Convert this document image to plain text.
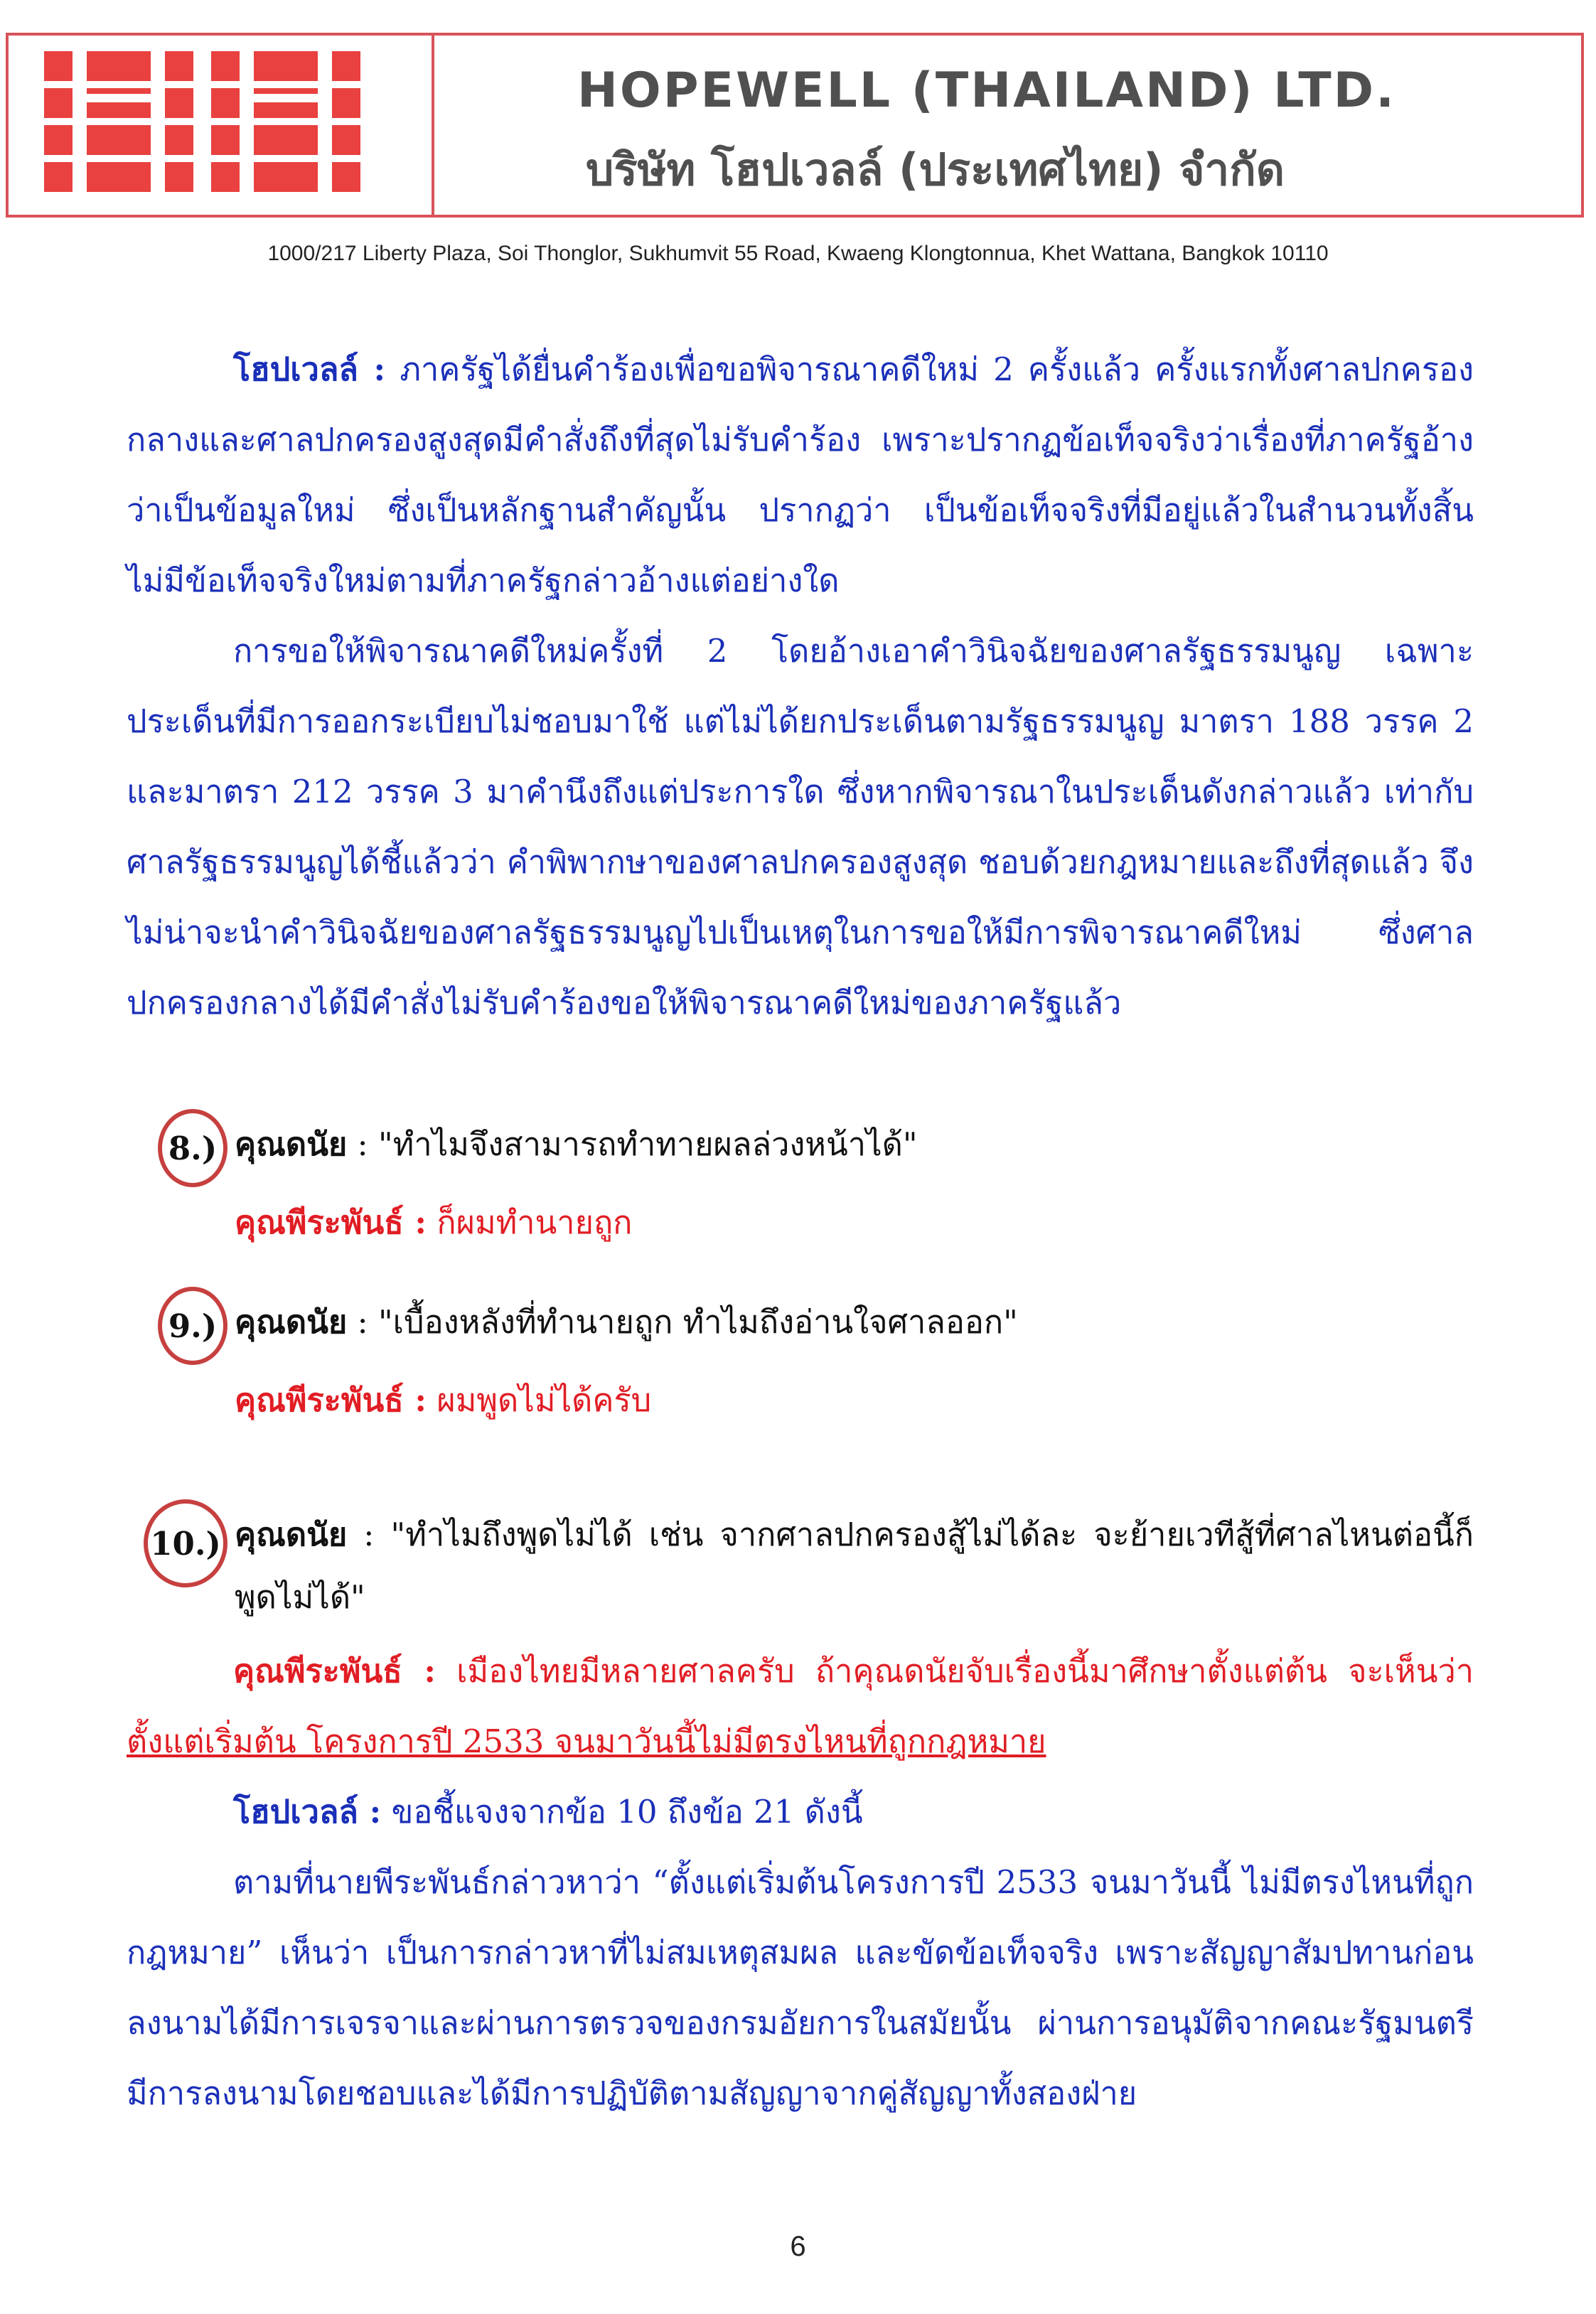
HOPEWELL (THAILAND) LTD.
บริษัท โฮปเวลล์ (ประเทศไทย) จำกัด
1000/217 Liberty Plaza, Soi Thonglor, Sukhumvit 55 Road, Kwaeng Klongtonnua, Khet Wattana, Bangkok 10110

โฮปเวลล์ : ภาครัฐได้ยื่นคำร้องเพื่อขอพิจารณาคดีใหม่ 2 ครั้งแล้ว ครั้งแรกทั้งศาลปกครองกลางและศาลปกครองสูงสุดมีคำสั่งถึงที่สุดไม่รับคำร้อง เพราะปรากฏข้อเท็จจริงว่าเรื่องที่ภาครัฐอ้างว่าเป็นข้อมูลใหม่ ซึ่งเป็นหลักฐานสำคัญนั้น ปรากฏว่า เป็นข้อเท็จจริงที่มีอยู่แล้วในสำนวนทั้งสิ้น ไม่มีข้อเท็จจริงใหม่ตามที่ภาครัฐกล่าวอ้างแต่อย่างใด

การขอให้พิจารณาคดีใหม่ครั้งที่ 2 โดยอ้างเอาคำวินิจฉัยของศาลรัฐธรรมนูญ เฉพาะประเด็นที่มีการออกระเบียบไม่ชอบมาใช้ แต่ไม่ได้ยกประเด็นตามรัฐธรรมนูญ มาตรา 188 วรรค 2 และมาตรา 212 วรรค 3 มาคำนึงถึงแต่ประการใด ซึ่งหากพิจารณาในประเด็นดังกล่าวแล้ว เท่ากับศาลรัฐธรรมนูญได้ชี้แล้วว่า คำพิพากษาของศาลปกครองสูงสุด ชอบด้วยกฎหมายและถึงที่สุดแล้ว จึงไม่น่าจะนำคำวินิจฉัยของศาลรัฐธรรมนูญไปเป็นเหตุในการขอให้มีการพิจารณาคดีใหม่ ซึ่งศาลปกครองกลางได้มีคำสั่งไม่รับคำร้องขอให้พิจารณาคดีใหม่ของภาครัฐแล้ว

8.) คุณดนัย : "ทำไมจึงสามารถทำทายผลล่วงหน้าได้"
คุณพีระพันธ์ : ก็ผมทำนายถูก
9.) คุณดนัย : "เบื้องหลังที่ทำนายถูก ทำไมถึงอ่านใจศาลออก"
คุณพีระพันธ์ : ผมพูดไม่ได้ครับ
10.) คุณดนัย : "ทำไมถึงพูดไม่ได้ เช่น จากศาลปกครองสู้ไม่ได้ละ จะย้ายเวทีสู้ที่ศาลไหนต่อนี้ก็พูดไม่ได้"

คุณพีระพันธ์ : เมืองไทยมีหลายศาลครับ ถ้าคุณดนัยจับเรื่องนี้มาศึกษาตั้งแต่ต้น จะเห็นว่าตั้งแต่เริ่มต้น โครงการปี 2533 จนมาวันนี้ไม่มีตรงไหนที่ถูกกฎหมาย

โฮปเวลล์ : ขอชี้แจงจากข้อ 10 ถึงข้อ 21 ดังนี้

ตามที่นายพีระพันธ์กล่าวหาว่า “ตั้งแต่เริ่มต้นโครงการปี 2533 จนมาวันนี้ ไม่มีตรงไหนที่ถูกกฎหมาย” เห็นว่า เป็นการกล่าวหาที่ไม่สมเหตุสมผล และขัดข้อเท็จจริง เพราะสัญญาสัมปทานก่อนลงนามได้มีการเจรจาและผ่านการตรวจของกรมอัยการในสมัยนั้น ผ่านการอนุมัติจากคณะรัฐมนตรี มีการลงนามโดยชอบและได้มีการปฏิบัติตามสัญญาจากคู่สัญญาทั้งสองฝ่าย

6
